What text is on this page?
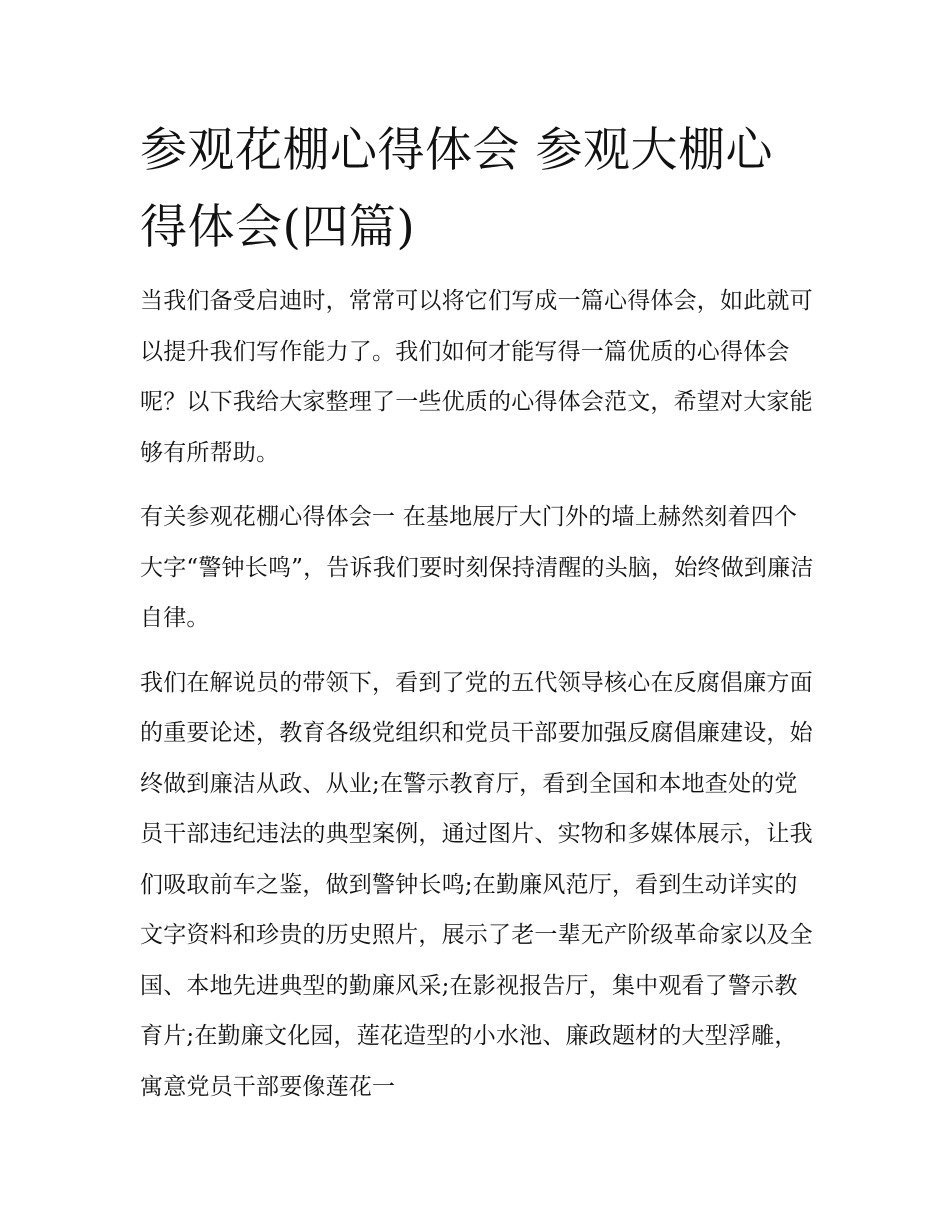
参观花棚心得体会 参观大棚心得体会(四篇)

当我们备受启迪时，常常可以将它们写成一篇心得体会，如此就可以提升我们写作能力了。我们如何才能写得一篇优质的心得体会呢？以下我给大家整理了一些优质的心得体会范文，希望对大家能够有所帮助。

有关参观花棚心得体会一 在基地展厅大门外的墙上赫然刻着四个大字“警钟长鸣”，告诉我们要时刻保持清醒的头脑，始终做到廉洁自律。

我们在解说员的带领下，看到了党的五代领导核心在反腐倡廉方面的重要论述，教育各级党组织和党员干部要加强反腐倡廉建设，始终做到廉洁从政、从业;在警示教育厅，看到全国和本地查处的党员干部违纪违法的典型案例，通过图片、实物和多媒体展示，让我们吸取前车之鉴，做到警钟长鸣;在勤廉风范厅，看到生动详实的文字资料和珍贵的历史照片，展示了老一辈无产阶级革命家以及全国、本地先进典型的勤廉风采;在影视报告厅，集中观看了警示教育片;在勤廉文化园，莲花造型的小水池、廉政题材的大型浮雕，寓意党员干部要像莲花一
